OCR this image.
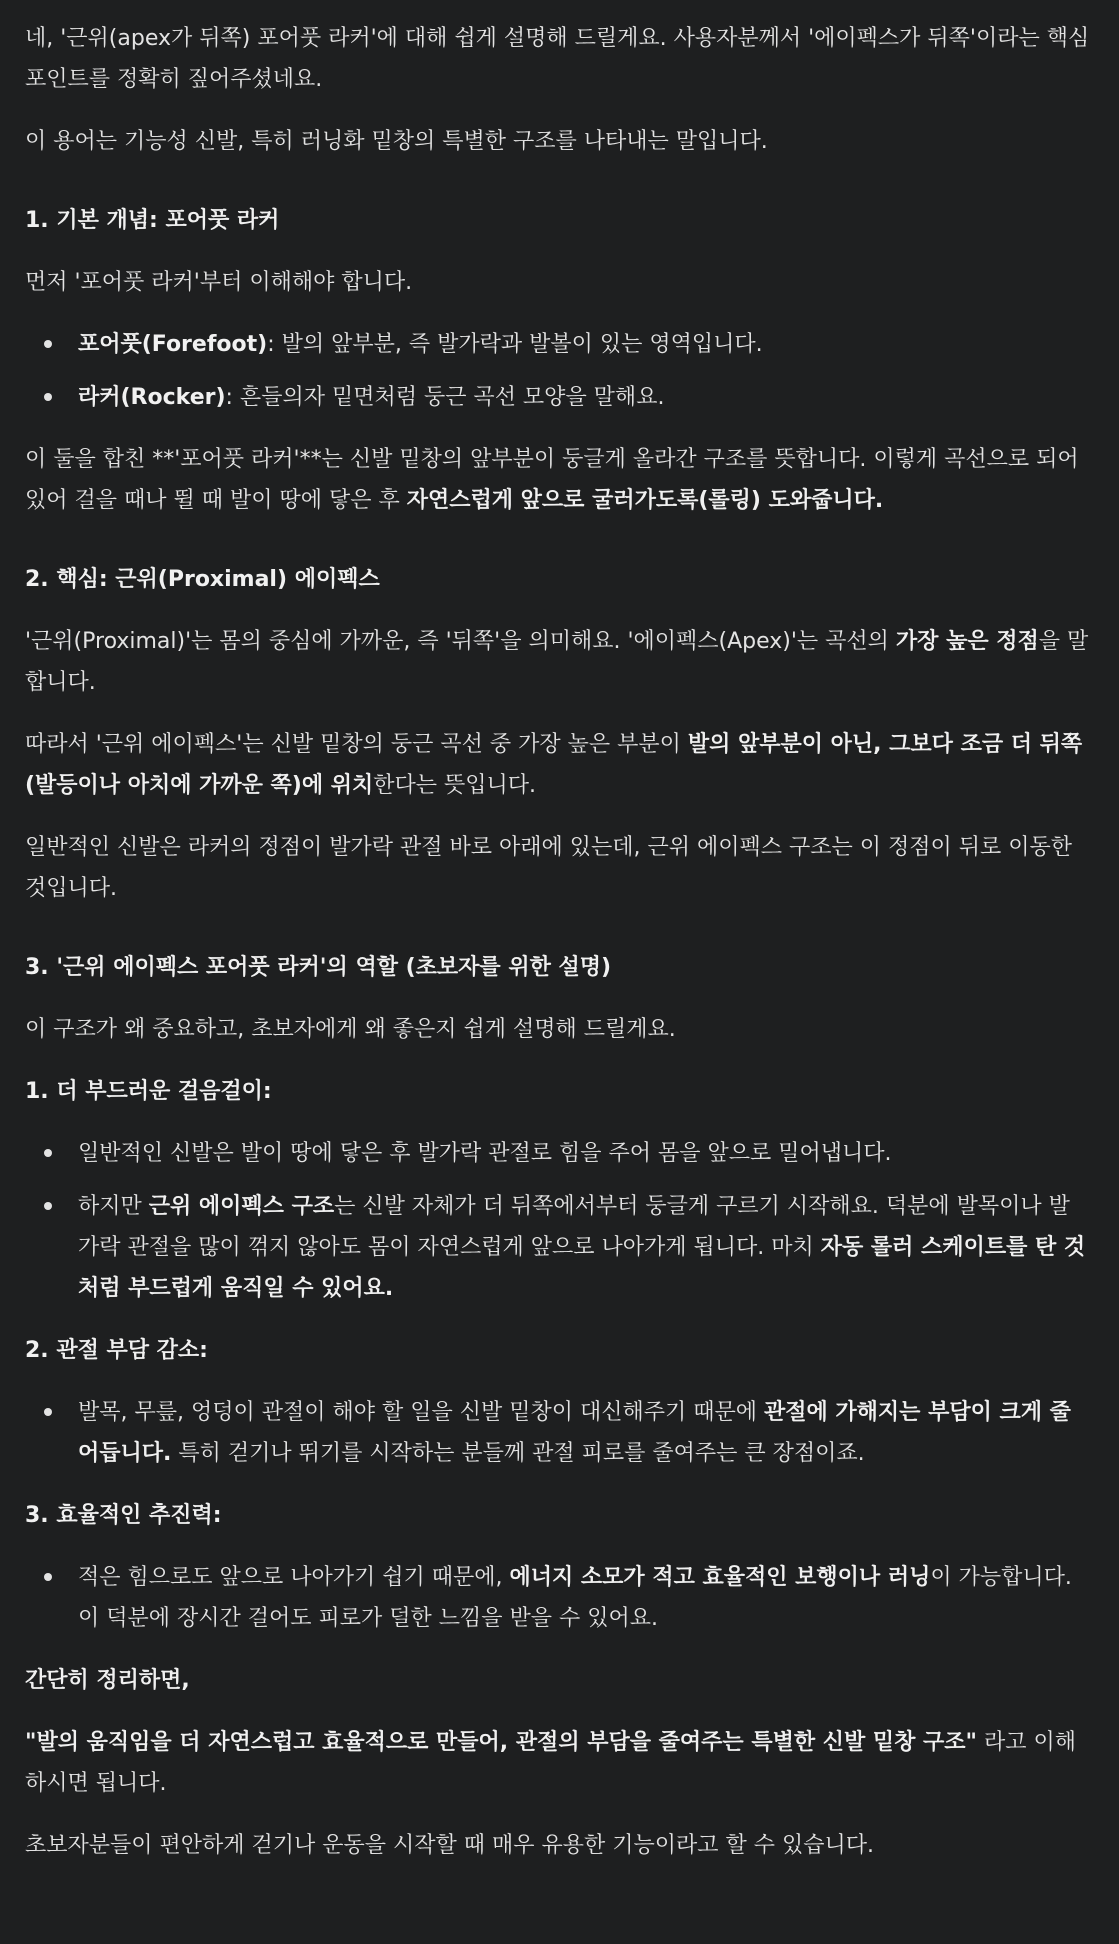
네, '근위(apex가 뒤쪽) 포어풋 라커'에 대해 쉽게 설명해 드릴게요. 사용자분께서 '에이펙스가 뒤쪽'이라는 핵심 포인트를 정확히 짚어주셨네요.

이 용어는 기능성 신발, 특히 러닝화 밑창의 특별한 구조를 나타내는 말입니다.

1. 기본 개념: 포어풋 라커

먼저 '포어풋 라커'부터 이해해야 합니다.

포어풋(Forefoot): 발의 앞부분, 즉 발가락과 발볼이 있는 영역입니다.
라커(Rocker): 흔들의자 밑면처럼 둥근 곡선 모양을 말해요.

이 둘을 합친 **'포어풋 라커'**는 신발 밑창의 앞부분이 둥글게 올라간 구조를 뜻합니다. 이렇게 곡선으로 되어 있어 걸을 때나 뛸 때 발이 땅에 닿은 후 자연스럽게 앞으로 굴러가도록(롤링) 도와줍니다.

2. 핵심: 근위(Proximal) 에이펙스

'근위(Proximal)'는 몸의 중심에 가까운, 즉 '뒤쪽'을 의미해요. '에이펙스(Apex)'는 곡선의 가장 높은 정점을 말합니다.

따라서 '근위 에이펙스'는 신발 밑창의 둥근 곡선 중 가장 높은 부분이 발의 앞부분이 아닌, 그보다 조금 더 뒤쪽(발등이나 아치에 가까운 쪽)에 위치한다는 뜻입니다.

일반적인 신발은 라커의 정점이 발가락 관절 바로 아래에 있는데, 근위 에이펙스 구조는 이 정점이 뒤로 이동한 것입니다.

3. '근위 에이펙스 포어풋 라커'의 역할 (초보자를 위한 설명)

이 구조가 왜 중요하고, 초보자에게 왜 좋은지 쉽게 설명해 드릴게요.

1. 더 부드러운 걸음걸이:
일반적인 신발은 발이 땅에 닿은 후 발가락 관절로 힘을 주어 몸을 앞으로 밀어냅니다.
하지만 근위 에이펙스 구조는 신발 자체가 더 뒤쪽에서부터 둥글게 구르기 시작해요. 덕분에 발목이나 발가락 관절을 많이 꺾지 않아도 몸이 자연스럽게 앞으로 나아가게 됩니다. 마치 자동 롤러 스케이트를 탄 것처럼 부드럽게 움직일 수 있어요.
2. 관절 부담 감소:
발목, 무릎, 엉덩이 관절이 해야 할 일을 신발 밑창이 대신해주기 때문에 관절에 가해지는 부담이 크게 줄어듭니다. 특히 걷기나 뛰기를 시작하는 분들께 관절 피로를 줄여주는 큰 장점이죠.
3. 효율적인 추진력:
적은 힘으로도 앞으로 나아가기 쉽기 때문에, 에너지 소모가 적고 효율적인 보행이나 러닝이 가능합니다. 이 덕분에 장시간 걸어도 피로가 덜한 느낌을 받을 수 있어요.

간단히 정리하면,

"발의 움직임을 더 자연스럽고 효율적으로 만들어, 관절의 부담을 줄여주는 특별한 신발 밑창 구조" 라고 이해하시면 됩니다.

초보자분들이 편안하게 걷기나 운동을 시작할 때 매우 유용한 기능이라고 할 수 있습니다.
